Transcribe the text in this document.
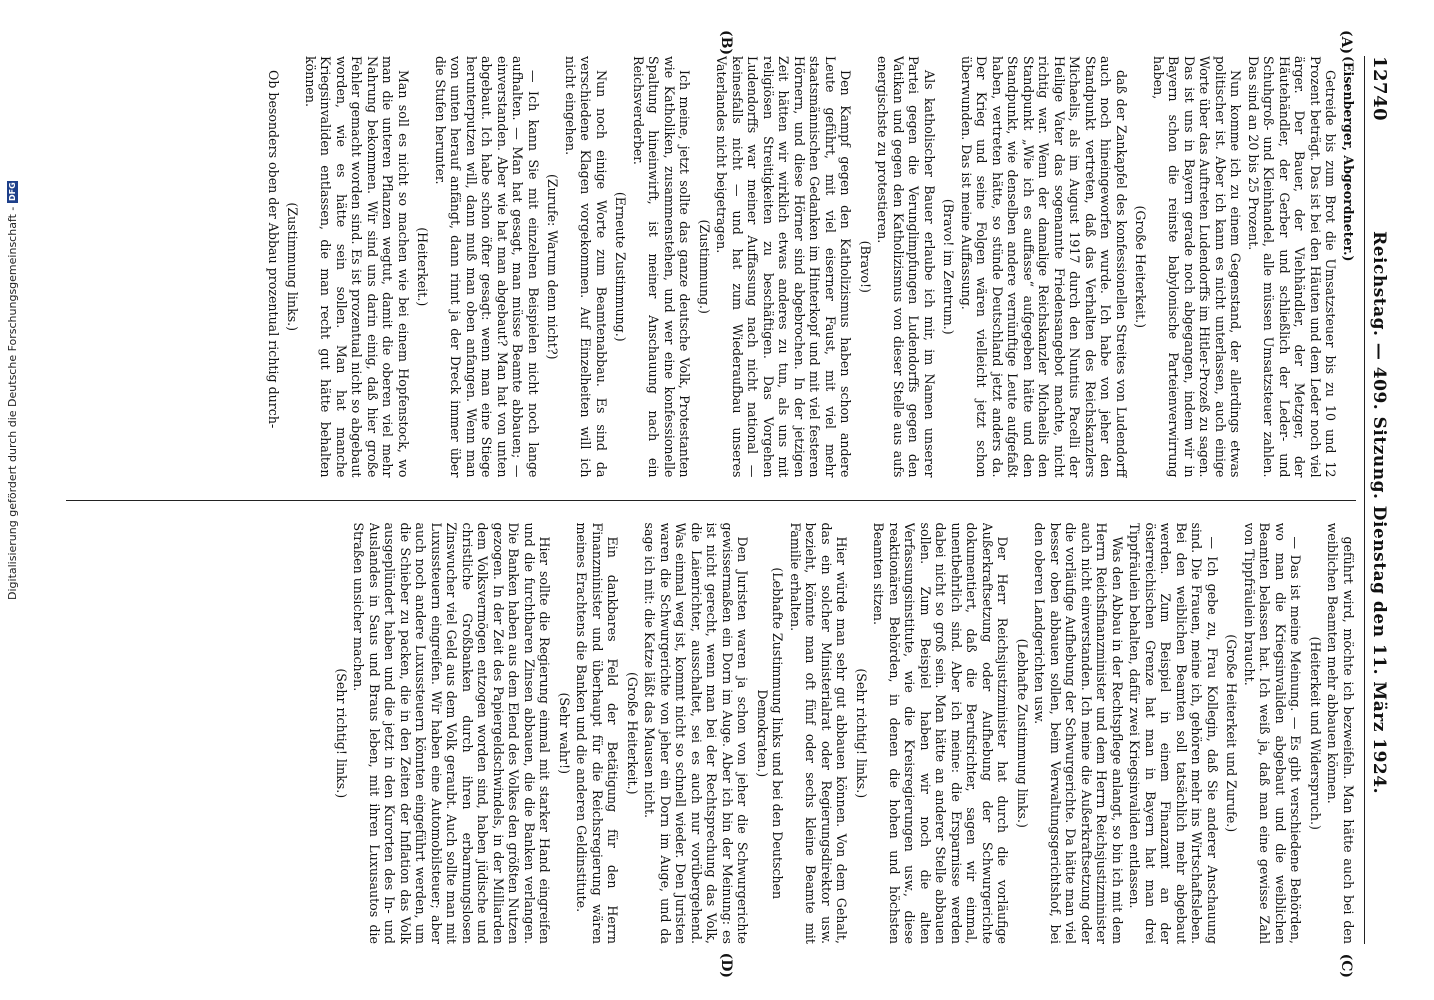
12740
Reichstag. — 409. Sitzung. Dienstag den 11. März 1924.

(Eisenberger, Abgeordneter.)

Getreide bis zum Brot die Umsatzsteuer bis zu 10 und 12 Prozent beträgt. Das ist bei den Häuten und dem Leder noch viel ärger. Der Bauer, der Viehhändler, der Metzger, der Häutehändler, der Gerber und schließlich der Leder- und Schuhgroß- und Kleinhandel, alle müssen Umsatzsteuer zahlen. Das sind an 20 bis 25 Prozent.

Nun komme ich zu einem Gegenstand, der allerdings etwas politischer ist. Aber ich kann es nicht unterlassen, auch einige Worte über das Auftreten Ludendorffs im Hitler-Prozeß zu sagen. Das ist uns in Bayern gerade noch abgegangen, indem wir in Bayern schon die reinste babylonische Parteienverwirrung haben,

(Große Heiterkeit.)

daß der Zankapfel des konfessionellen Streites von Ludendorff auch noch hineingeworfen wurde. Ich habe von jeher den Standpunkt vertreten, daß das Verhalten des Reichskanzlers Michaelis, als im August 1917 durch den Nuntius Pacelli der Heilige Vater das sogenannte Friedensangebot machte, nicht richtig war. Wenn der damalige Reichskanzler Michaelis den Standpunkt „Wie ich es auffasse“ aufgegeben hätte und den Standpunkt, wie denselben andere vernünftige Leute aufgefaßt haben, vertreten hätte, so stünde Deutschland jetzt anders da. Der Krieg und seine Folgen wären vielleicht jetzt schon überwunden. Das ist meine Auffassung.

(Bravo! im Zentrum.)

Als katholischer Bauer erlaube ich mir, im Namen unserer Partei gegen die Verunglimpfungen Ludendorffs gegen den Vatikan und gegen den Katholizismus von dieser Stelle aus aufs energischste zu protestieren.

(Bravo!)

Den Kampf gegen den Katholizismus haben schon andere Leute geführt, mit viel eiserner Faust, mit viel mehr staatsmännischen Gedanken im Hinterkopf und mit viel festeren Hörnern, und diese Hörner sind abgebrochen. In der jetzigen Zeit hätten wir wirklich etwas anderes zu tun, als uns mit religiösen Streitigkeiten zu beschäftigen. Das Vorgehen Ludendorffs war meiner Auffassung nach nicht national — keinesfalls nicht — und hat zum Wiederaufbau unseres Vaterlandes nicht beigetragen.

(Zustimmung.)

Ich meine, jetzt sollte das ganze deutsche Volk, Protestanten wie Katholiken, zusammenstehen, und wer eine konfessionelle Spaltung hineinwirft, ist meiner Anschauung nach ein Reichsverderber.

(Erneute Zustimmung.)

Nun noch einige Worte zum Beamtenabbau. Es sind da verschiedene Klagen vorgekommen. Auf Einzelheiten will ich nicht eingehen.

(Zurufe: Warum denn nicht?)

— Ich kann Sie mit einzelnen Beispielen nicht noch lange aufhalten. — Man hat gesagt, man müsse Beamte abbauen; — einverstanden. Aber wie hat man abgebaut? Man hat von unten abgebaut. Ich habe schon öfter gesagt: wenn man eine Stiege herunterputzen will, dann muß man oben anfangen. Wenn man von unten herauf anfängt, dann rinnt ja der Dreck immer über die Stufen herunter.

(Heiterkeit.)

Man soll es nicht so machen wie bei einem Hopfenstock, wo man die unteren Pflanzen wegtut, damit die oberen viel mehr Nahrung bekommen. Wir sind uns darin einig, daß hier große Fehler gemacht worden sind. Es ist prozentual nicht so abgebaut worden, wie es hätte sein sollen. Man hat manche Kriegsinvaliden entlassen, die man recht gut hätte behalten können.

(Zustimmung links.)

Ob besonders oben der Abbau prozentual richtig durch-

geführt wird, möchte ich bezweifeln. Man hätte auch bei den weiblichen Beamten mehr abbauen können.

(Heiterkeit und Widerspruch.)

— Das ist meine Meinung. — Es gibt verschiedene Behörden, wo man die Kriegsinvaliden abgebaut und die weiblichen Beamten belassen hat. Ich weiß ja, daß man eine gewisse Zahl von Tippfräulein braucht.

(Große Heiterkeit und Zurufe.)

— Ich gebe zu, Frau Kollegin, daß Sie anderer Anschauung sind. Die Frauen, meine ich, gehören mehr ins Wirtschaftsleben. Bei den weiblichen Beamten soll tatsächlich mehr abgebaut werden. Zum Beispiel in einem Finanzamt an der österreichischen Grenze hat man in Bayern hat man drei Tippfräulein behalten, dafür zwei Kriegsinvaliden entlassen.

Was den Abbau in der Rechtspflege anlangt, so bin ich mit dem Herrn Reichsfinanzminister und dem Herrn Reichsjustizminister auch nicht einverstanden. Ich meine die Außerkraftsetzung oder die vorläufige Aufhebung der Schwurgerichte. Da hätte man viel besser oben abbauen sollen, beim Verwaltungsgerichtshof, bei den oberen Landgerichten usw.

(Lebhafte Zustimmung links.)

Der Herr Reichsjustizminister hat durch die vorläufige Außerkraftsetzung oder Aufhebung der Schwurgerichte dokumentiert, daß die Berufsrichter, sagen wir einmal, unentbehrlich sind. Aber ich meine: die Ersparnisse werden dabei nicht so groß sein. Man hätte an anderer Stelle abbauen sollen. Zum Beispiel haben wir noch die alten Verfassungsinstitute, wie die Kreisregierungen usw., diese reaktionären Behörden, in denen die hohen und höchsten Beamten sitzen.

(Sehr richtig! links.)

Hier würde man sehr gut abbauen können. Von dem Gehalt, das ein solcher Ministerialrat oder Regierungsdirektor usw. bezieht, könnte man oft fünf oder sechs kleine Beamte mit Familie erhalten.

(Lebhafte Zustimmung links und bei den Deutschen Demokraten.)

Den Juristen waren ja schon von jeher die Schwurgerichte gewissermaßen ein Dorn im Auge. Aber ich bin der Meinung: es ist nicht gerecht, wenn man bei der Rechtsprechung das Volk, die Laienrichter, ausschaltet, sei es auch nur vorübergehend. Was einmal weg ist, kommt nicht so schnell wieder. Den Juristen waren die Schwurgerichte von jeher ein Dorn im Auge, und da sage ich mit: die Katze läßt das Mausen nicht.

(Große Heiterkeit.)

Ein dankbares Feld der Betätigung für den Herrn Finanzminister und überhaupt für die Reichsregierung wären meines Erachtens die Banken und die anderen Geldinstitute.

(Sehr wahr!)

Hier sollte die Regierung einmal mit starker Hand eingreifen und die furchtbaren Zinsen abbauen, die die Banken verlangen. Die Banken haben aus dem Elend des Volkes den größten Nutzen gezogen. In der Zeit des Papiergeldschwindels, in der Milliarden dem Volksvermögen entzogen worden sind, haben jüdische und christliche Großbanken durch ihren erbarmungslosen Zinswucher viel Geld aus dem Volk geraubt. Auch sollte man mit Luxussteuern eingreifen. Wir haben eine Automobilsteuer; aber auch noch andere Luxussteuern könnten eingeführt werden, um die Schieber zu packen, die in den Zeiten der Inflation das Volk ausgeplündert haben und die jetzt in den Kurorten des In- und Auslandes in Saus und Braus leben, mit ihren Luxusautos die Straßen unsicher machen.

(Sehr richtig! links.)

(A)
(B)
(C)
(D)
Digitalisierung gefördert durch die Deutsche Forschungsgemeinschaft -
DFG
